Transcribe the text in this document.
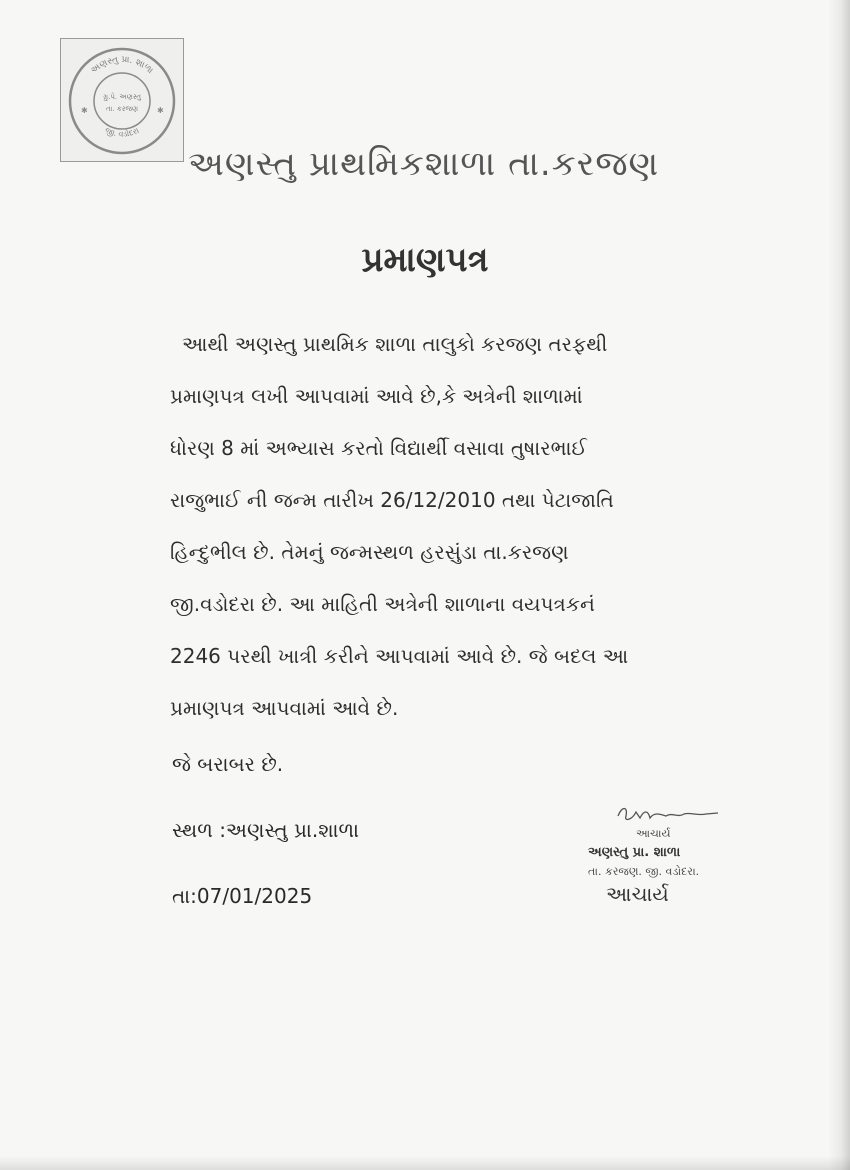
અણસ્તુ પ્રા. શાળા
જી. વડોદરા
ગ્રુ.પે. અણસ્તુ
તા. કરજણ
✱	✱
અણસ્તુ પ્રાથમિકશાળા તા.કરજણ
પ્રમાણપત્ર
આથી અણસ્તુ પ્રાથમિક શાળા તાલુકો કરજણ તરફથી
પ્રમાણપત્ર લખી આપવામાં આવે છે,કે અત્રેની શાળામાં
ધોરણ 8 માં અભ્યાસ કરતો વિદ્યાર્થી વસાવા તુષારભાઈ
રાજુભાઈ ની જન્મ તારીખ 26/12/2010 તથા પેટાજાતિ
હિન્દુભીલ છે. તેમનું જન્મસ્થળ હરસુંડા તા.કરજણ
જી.વડોદરા છે. આ માહિતી અત્રેની શાળાના વયપત્રકનં
2246 પરથી ખાત્રી કરીને આપવામાં આવે છે. જે બદલ આ
પ્રમાણપત્ર આપવામાં આવે છે.
જે બરાબર છે.
સ્થળ :અણસ્તુ પ્રા.શાળા
તા:07/01/2025
આચાર્ય
અણસ્તુ પ્રા. શાળા
તા. કરજણ. જી. વડોદરા.
આચાર્ય
